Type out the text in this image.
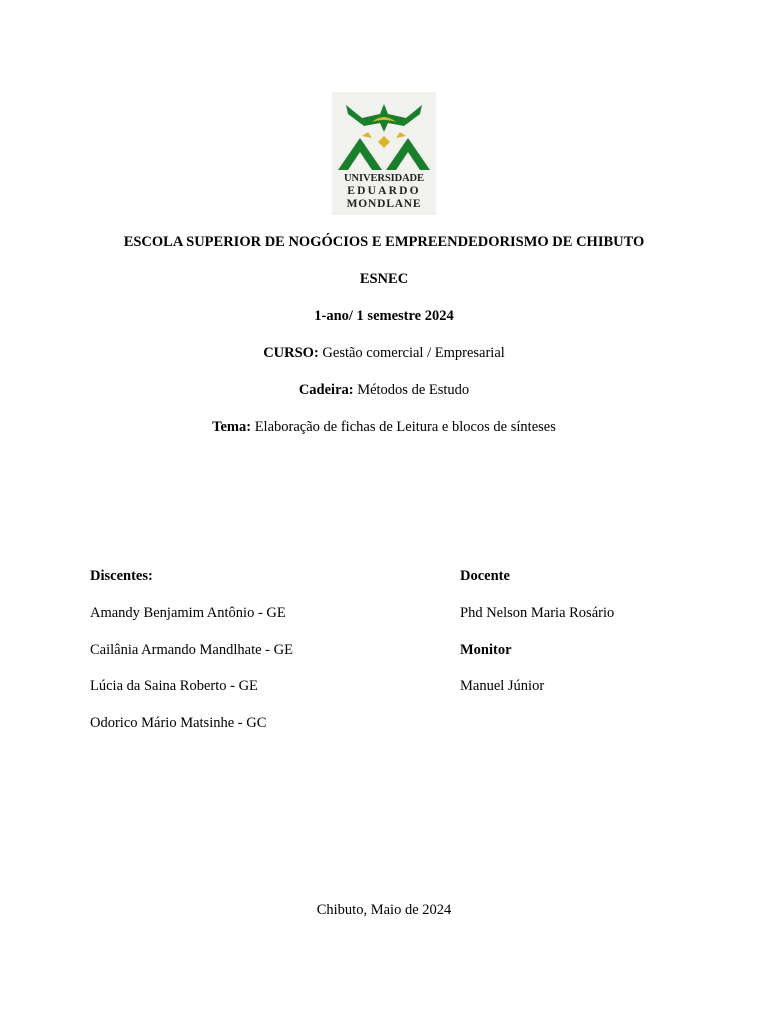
UNIVERSIDADE
EDUARDO
MONDLANE
ESCOLA SUPERIOR DE NOGÓCIOS E EMPREENDEDORISMO DE CHIBUTO
ESNEC
1-ano/ 1 semestre 2024
CURSO: Gestão comercial / Empresarial
Cadeira: Métodos de Estudo
Tema: Elaboração de fichas de Leitura e blocos de sínteses
Discentes:
Amandy Benjamim Antônio - GE
Cailânia Armando Mandlhate - GE
Lúcia da Saina Roberto - GE
Odorico Mário Matsinhe - GC
Docente
Phd Nelson Maria Rosário
Monitor
Manuel Júnior
Chibuto, Maio de 2024
